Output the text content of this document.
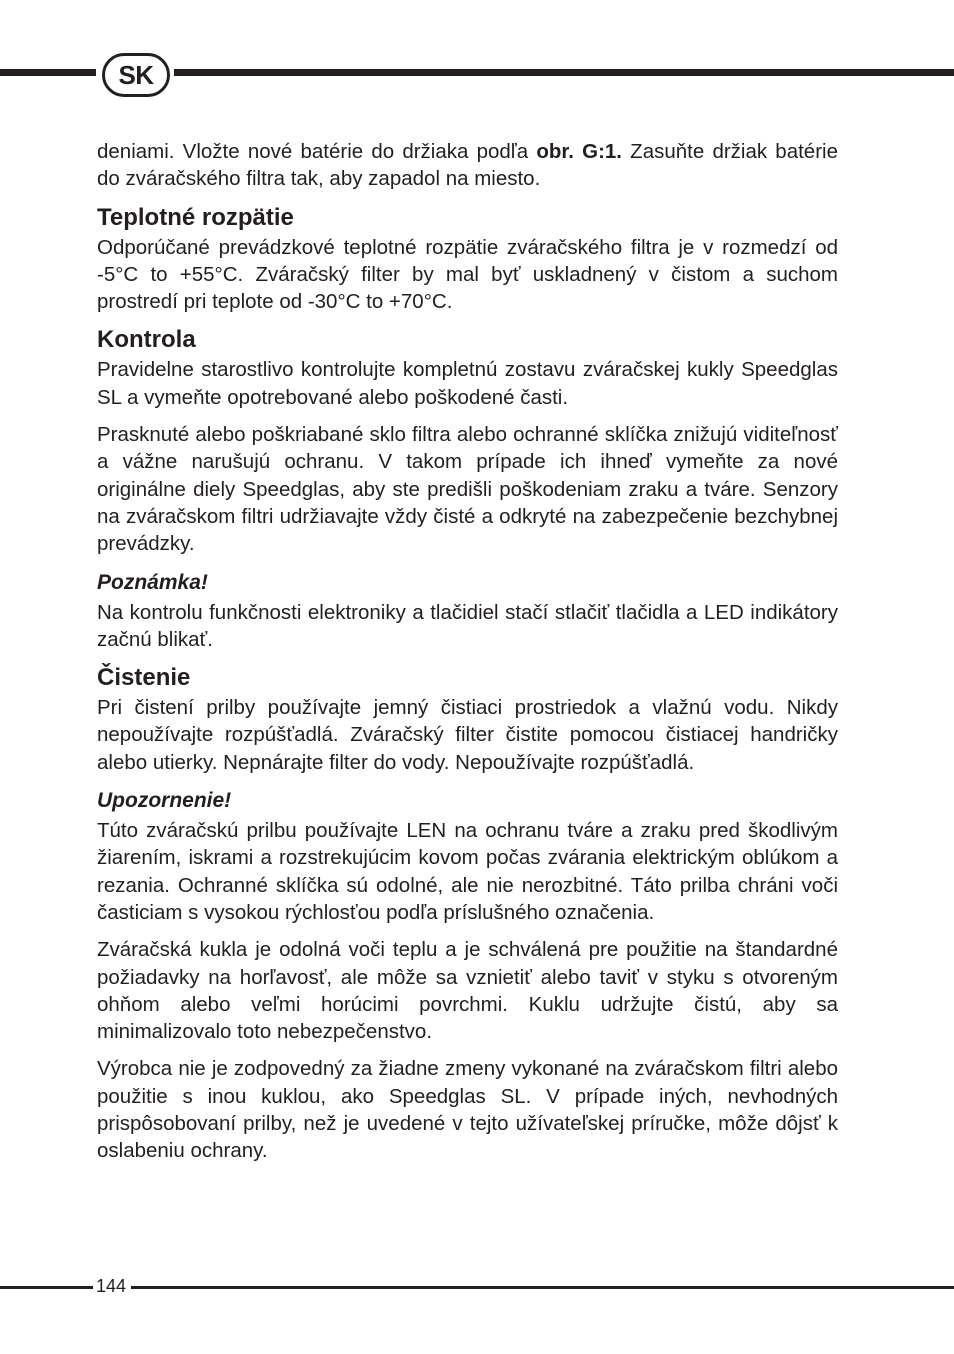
SK

deniami. Vložte nové batérie do držiaka podľa obr. G:1. Zasuňte držiak batérie do zváračského filtra tak, aby zapadol na miesto.

Teplotné rozpätie

Odporúčané prevádzkové teplotné rozpätie zváračského filtra je v rozmedzí od -5°C to +55°C. Zváračský filter by mal byť uskladnený v čistom a suchom prostredí pri teplote od -30°C to +70°C.

Kontrola

Pravidelne starostlivo kontrolujte kompletnú zostavu zváračskej kukly Speedglas SL a vymeňte opotrebované alebo poškodené časti.

Prasknuté alebo poškriabané sklo filtra alebo ochranné sklíčka znižujú viditeľnosť a vážne narušujú ochranu. V takom prípade ich ihneď vymeňte za nové originálne diely Speedglas, aby ste predišli poškodeniam zraku a tváre. Senzory na zváračskom filtri udržiavajte vždy čisté a odkryté na zabezpečenie bezchybnej prevádzky.

Poznámka!

Na kontrolu funkčnosti elektroniky a tlačidiel stačí stlačiť tlačidla a LED indikátory začnú blikať.

Čistenie

Pri čistení prilby používajte jemný čistiaci prostriedok a vlažnú vodu. Nikdy nepoužívajte rozpúšťadlá. Zváračský filter čistite pomocou čistiacej handričky alebo utierky. Nepnárajte filter do vody. Nepoužívajte rozpúšťadlá.

Upozornenie!

Túto zváračskú prilbu používajte LEN na ochranu tváre a zraku pred škodlivým žiarením, iskrami a rozstrekujúcim kovom počas zvárania elektrickým oblúkom a rezania. Ochranné sklíčka sú odolné, ale nie nerozbitné. Táto prilba chráni voči časticiam s vysokou rýchlosťou podľa príslušného označenia.

Zváračská kukla je odolná voči teplu a je schválená pre použitie na štandardné požiadavky na horľavosť, ale môže sa vznietiť alebo taviť v styku s otvoreným ohňom alebo veľmi horúcimi povrchmi. Kuklu udržujte čistú, aby sa minimalizovalo toto nebezpečenstvo.

Výrobca nie je zodpovedný za žiadne zmeny vykonané na zváračskom filtri alebo použitie s inou kuklou, ako Speedglas SL. V prípade iných, nevhodných prispôsobovaní prilby, než je uvedené v tejto užívateľskej príručke, môže dôjsť k oslabeniu ochrany.

144
